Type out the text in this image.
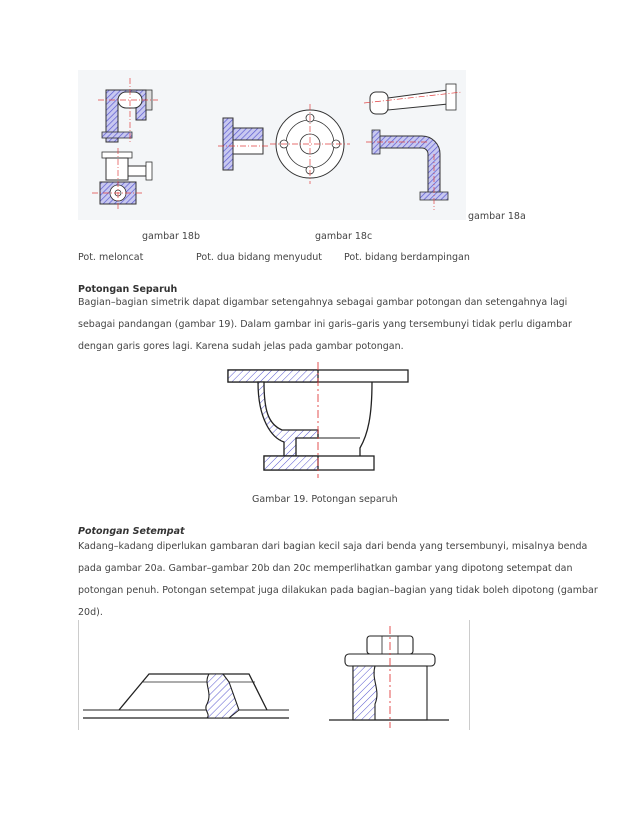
gambar 18a
gambar 18b	gambar 18c
Pot. meloncat	Pot. dua bidang menyudut Pot. bidang berdampingan
Potongan Separuh
Bagian–bagian simetrik dapat digambar setengahnya sebagai gambar potongan dan setengahnya lagi
sebagai pandangan (gambar 19). Dalam gambar ini garis–garis yang tersembunyi tidak perlu digambar
dengan garis gores lagi. Karena sudah jelas pada gambar potongan.
Gambar 19. Potongan separuh
Potongan Setempat
Kadang–kadang diperlukan gambaran dari bagian kecil saja dari benda yang tersembunyi, misalnya benda
pada gambar 20a. Gambar–gambar 20b dan 20c memperlihatkan gambar yang dipotong setempat dan
potongan penuh. Potongan setempat juga dilakukan pada bagian–bagian yang tidak boleh dipotong (gambar
20d).
